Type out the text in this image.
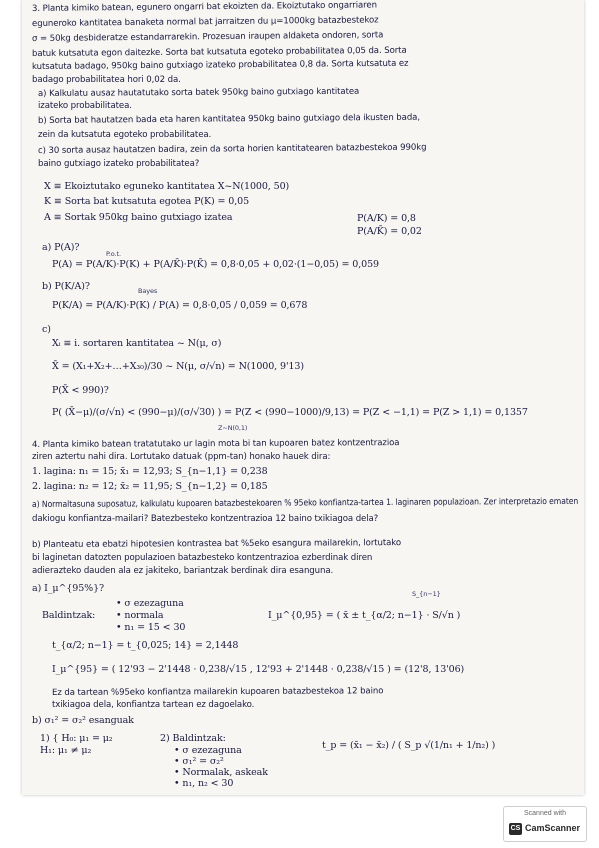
3. Planta kimiko batean, egunero ongarri bat ekoizten da. Ekoiztutako ongarriaren
eguneroko kantitatea banaketa normal bat jarraitzen du μ=1000kg batazbestekoz
σ = 50kg desbideratze estandarrarekin. Prozesuan iraupen aldaketa ondoren, sorta
batuk kutsatuta egon daitezke. Sorta bat kutsatuta egoteko probabilitatea 0,05 da. Sorta
kutsatuta badago, 950kg baino gutxiago izateko probabilitatea 0,8 da. Sorta kutsatuta ez
badago probabilitatea hori 0,02 da.
a) Kalkulatu ausaz hautatutako sorta batek 950kg baino gutxiago kantitatea
izateko probabilitatea.
b) Sorta bat hautatzen bada eta haren kantitatea 950kg baino gutxiago dela ikusten bada,
zein da kutsatuta egoteko probabilitatea.
c) 30 sorta ausaz hautatzen badira, zein da sorta horien kantitatearen batazbestekoa 990kg
baino gutxiago izateko probabilitatea?
X ≡ Ekoiztutako eguneko kantitatea X~N(1000, 50)
K ≡ Sorta bat kutsatuta egotea P(K) = 0,05
A ≡ Sortak 950kg baino gutxiago izatea	P(A/K) = 0,8
P(A/K̄) = 0,02
a) P(A)?
P.o.t.
P(A) = P(A/K)·P(K) + P(A/K̄)·P(K̄) = 0,8·0,05 + 0,02·(1−0,05) = 0,059
b) P(K/A)?	Bayes
P(K/A) = P(A/K)·P(K) / P(A) = 0,8·0,05 / 0,059 = 0,678
c)
Xᵢ ≡ i. sortaren kantitatea ~ N(μ, σ)
X̄ = (X₁+X₂+…+X₃₀)/30 ~ N(μ, σ/√n) = N(1000, 9'13)
P(X̄ < 990)?
P( (X̄−μ)/(σ/√n) < (990−μ)/(σ/√30) ) = P(Z < (990−1000)/9,13) = P(Z < −1,1) = P(Z > 1,1) = 0,1357
Z~N(0,1)
4. Planta kimiko batean tratatutako ur lagin mota bi tan kupoaren batez kontzentrazioa
ziren aztertu nahi dira. Lortutako datuak (ppm-tan) honako hauek dira:
1. lagina: n₁ = 15; x̄₁ = 12,93; S_{n−1,1} = 0,238
2. lagina: n₂ = 12; x̄₂ = 11,95; S_{n−1,2} = 0,185
a) Normaltasuna suposatuz, kalkulatu kupoaren batazbestekoaren % 95eko konfiantza-tartea 1. laginaren populazioan. Zer interpretazio ematen
dakiogu konfiantza-mailari? Batezbesteko kontzentrazioa 12 baino txikiagoa dela?
b) Planteatu eta ebatzi hipotesien kontrastea bat %5eko esangura mailarekin, lortutako
bi laginetan datozten populazioen batazbesteko kontzentrazioa ezberdinak diren
adierazteko dauden ala ez jakiteko, bariantzak berdinak dira esanguna.
a) I_μ^{95%}?
Baldintzak:
• σ ezezaguna
• normala
• n₁ = 15 < 30
I_μ^{0,95} = ( x̄ ± t_{α/2; n−1} · S/√n )
S_{n−1}
t_{α/2; n−1} = t_{0,025; 14} = 2,1448
I_μ^{95} = ( 12'93 − 2'1448 · 0,238/√15 , 12'93 + 2'1448 · 0,238/√15 ) = (12'8, 13'06)
Ez da tartean %95eko konfiantza mailarekin kupoaren batazbestekoa 12 baino
txikiagoa dela, konfiantza tartean ez dagoelako.
b) σ₁² = σ₂² esanguak
1) { H₀: μ₁ = μ₂
H₁: μ₁ ≠ μ₂
2) Baldintzak:
• σ ezezaguna
• σ₁² = σ₂²
• Normalak, askeak
• n₁, n₂ < 30
t_p = (x̄₁ − x̄₂) / ( S_p √(1/n₁ + 1/n₂) )
Scanned with
CS CamScanner
